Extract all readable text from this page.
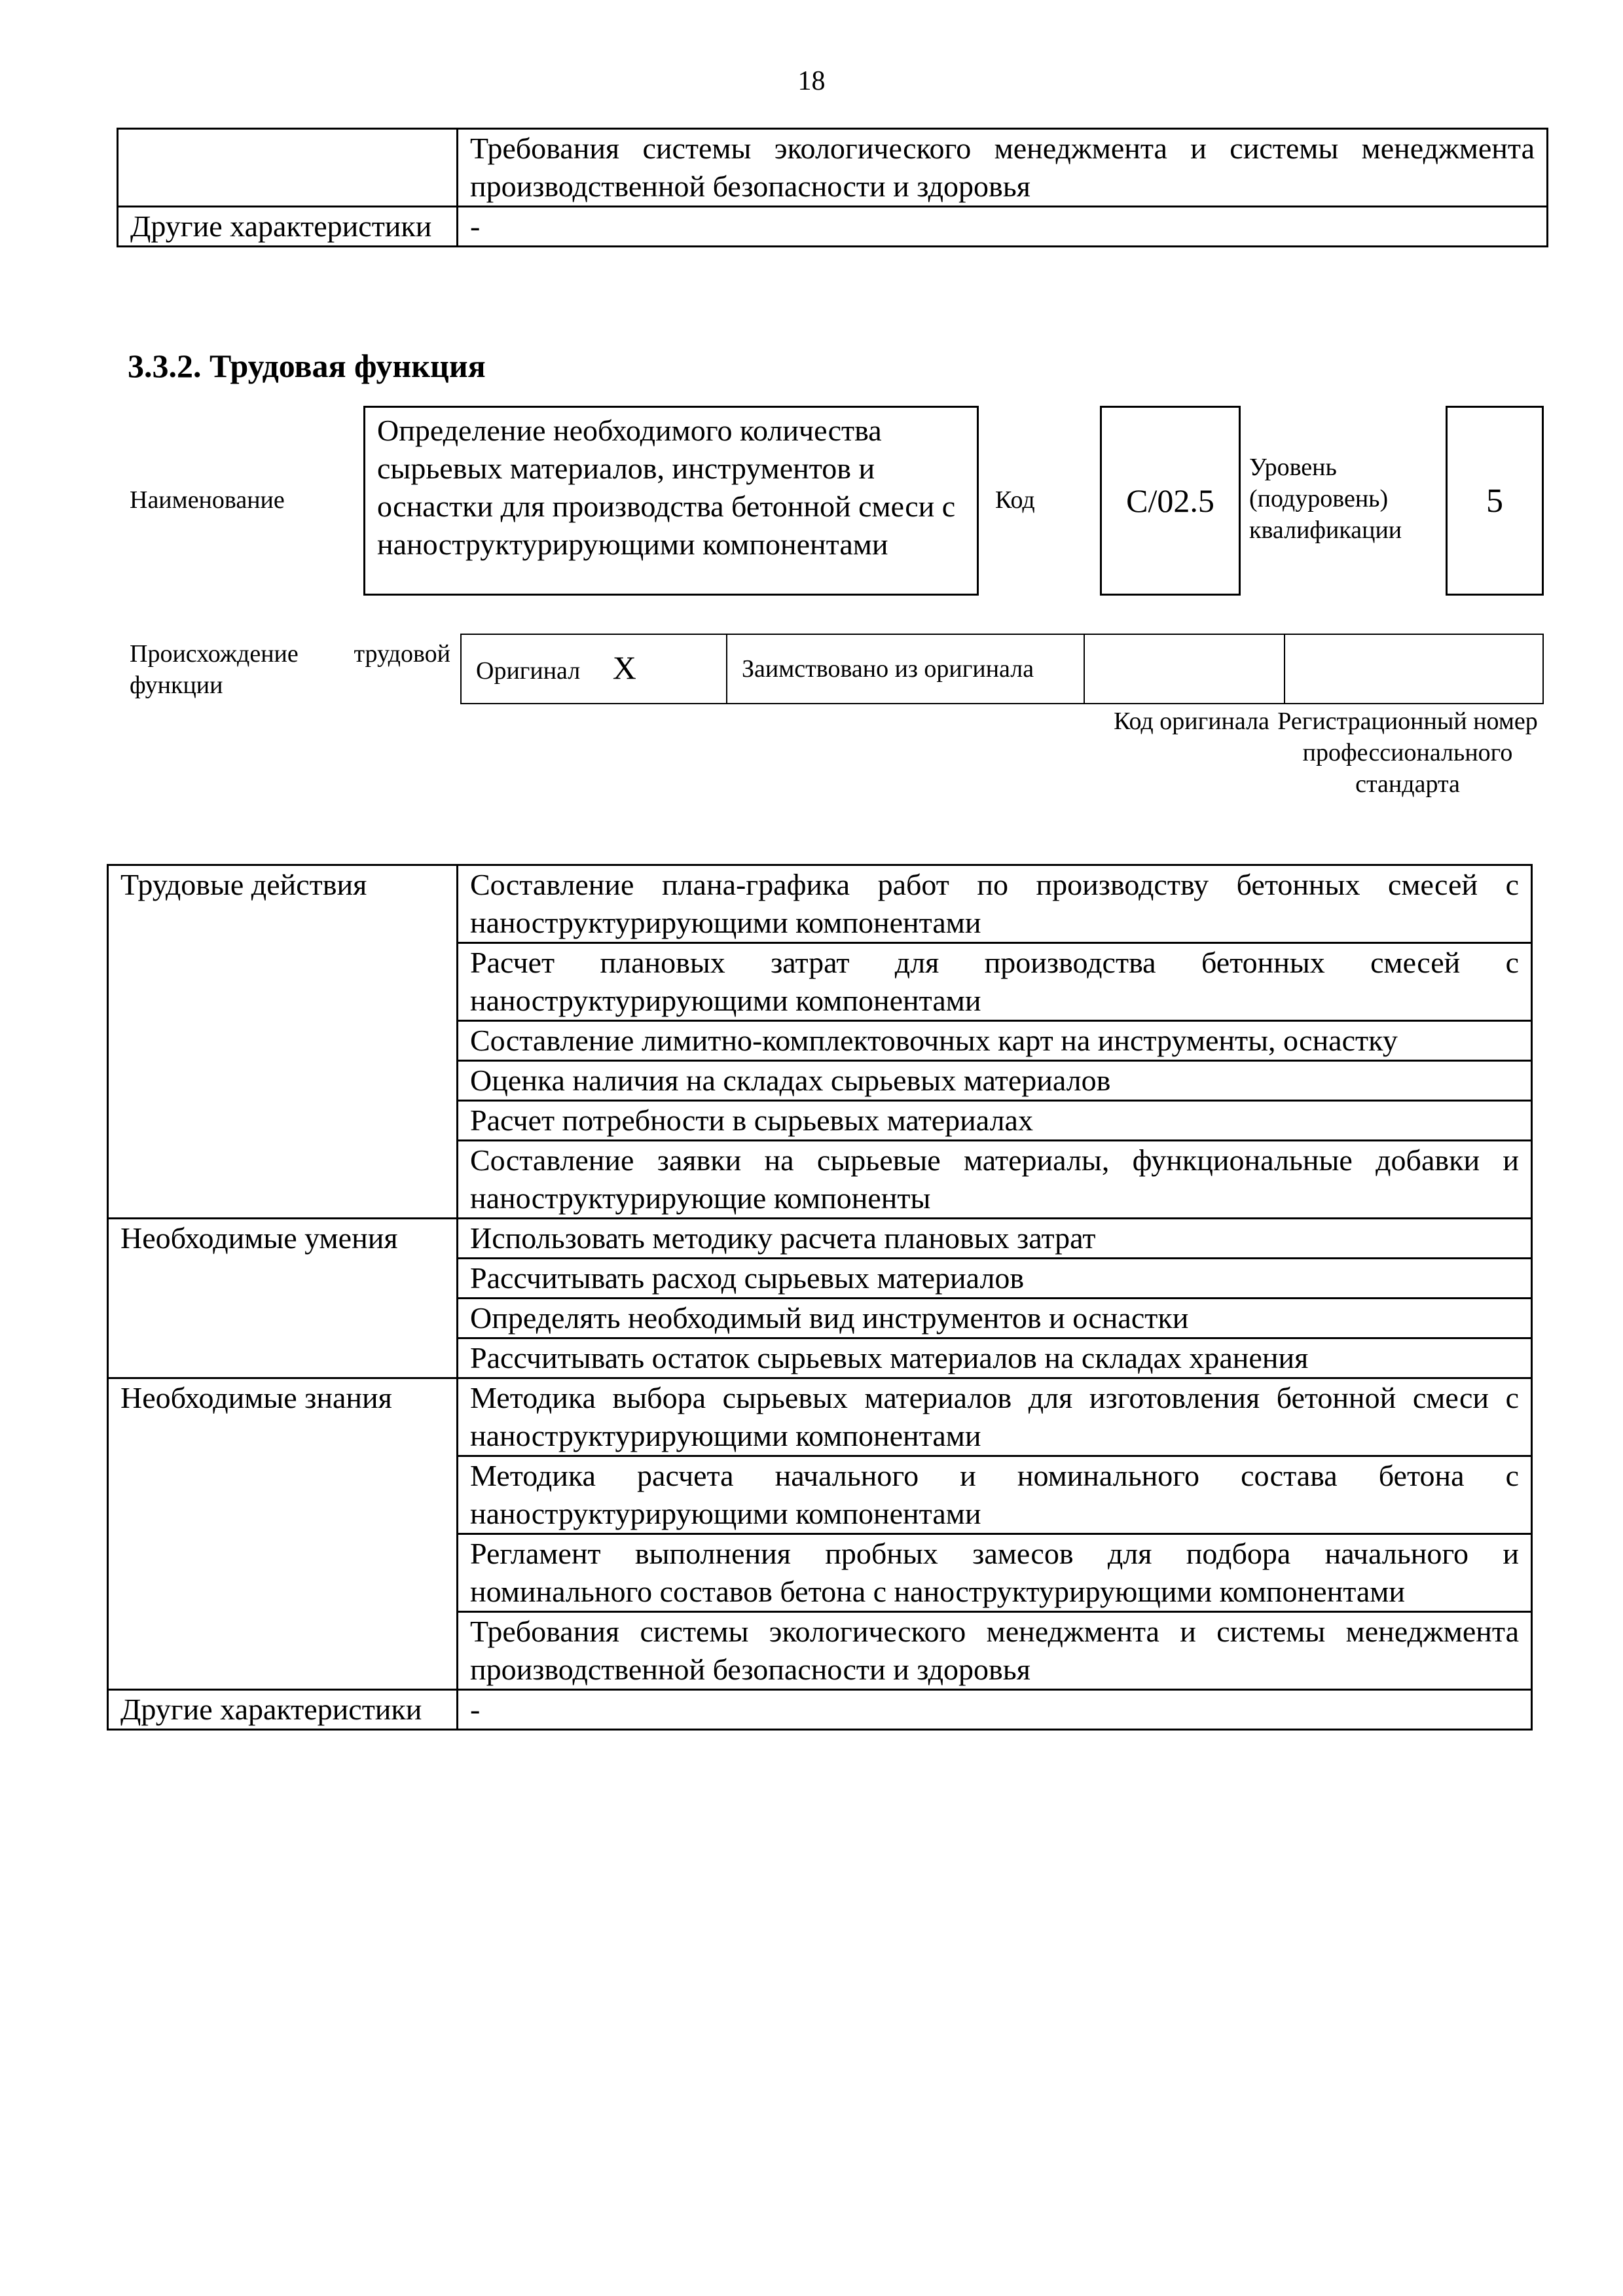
18
	Требования системы экологического менеджмента и системы менеджмента производственной безопасности и здоровья
Другие характеристики	-
3.3.2. Трудовая функция
Наименование
Определение необходимого количества сырьевых материалов, инструментов и оснастки для производства бетонной смеси с наноструктурирующими компонентами
Код	С/02.5
Уровень (подуровень) квалификации
5
Происхождение трудовой функции
Оригинал X	Заимствовано из оригинала		
Код оригинала Регистрационный номер профессионального стандарта
Трудовые действия	Составление плана-графика работ по производству бетонных смесей с наноструктурирующими компонентами
	Расчет плановых затрат для производства бетонных смесей с наноструктурирующими компонентами
	Составление лимитно-комплектовочных карт на инструменты, оснастку
	Оценка наличия на складах сырьевых материалов
	Расчет потребности в сырьевых материалах
	Составление заявки на сырьевые материалы, функциональные добавки и наноструктурирующие компоненты
Необходимые умения	Использовать методику расчета плановых затрат
	Рассчитывать расход сырьевых материалов
	Определять необходимый вид инструментов и оснастки
	Рассчитывать остаток сырьевых материалов на складах хранения
Необходимые знания	Методика выбора сырьевых материалов для изготовления бетонной смеси с наноструктурирующими компонентами
	Методика расчета начального и номинального состава бетона с наноструктурирующими компонентами
	Регламент выполнения пробных замесов для подбора начального и номинального составов бетона с наноструктурирующими компонентами
	Требования системы экологического менеджмента и системы менеджмента производственной безопасности и здоровья
Другие характеристики	-
